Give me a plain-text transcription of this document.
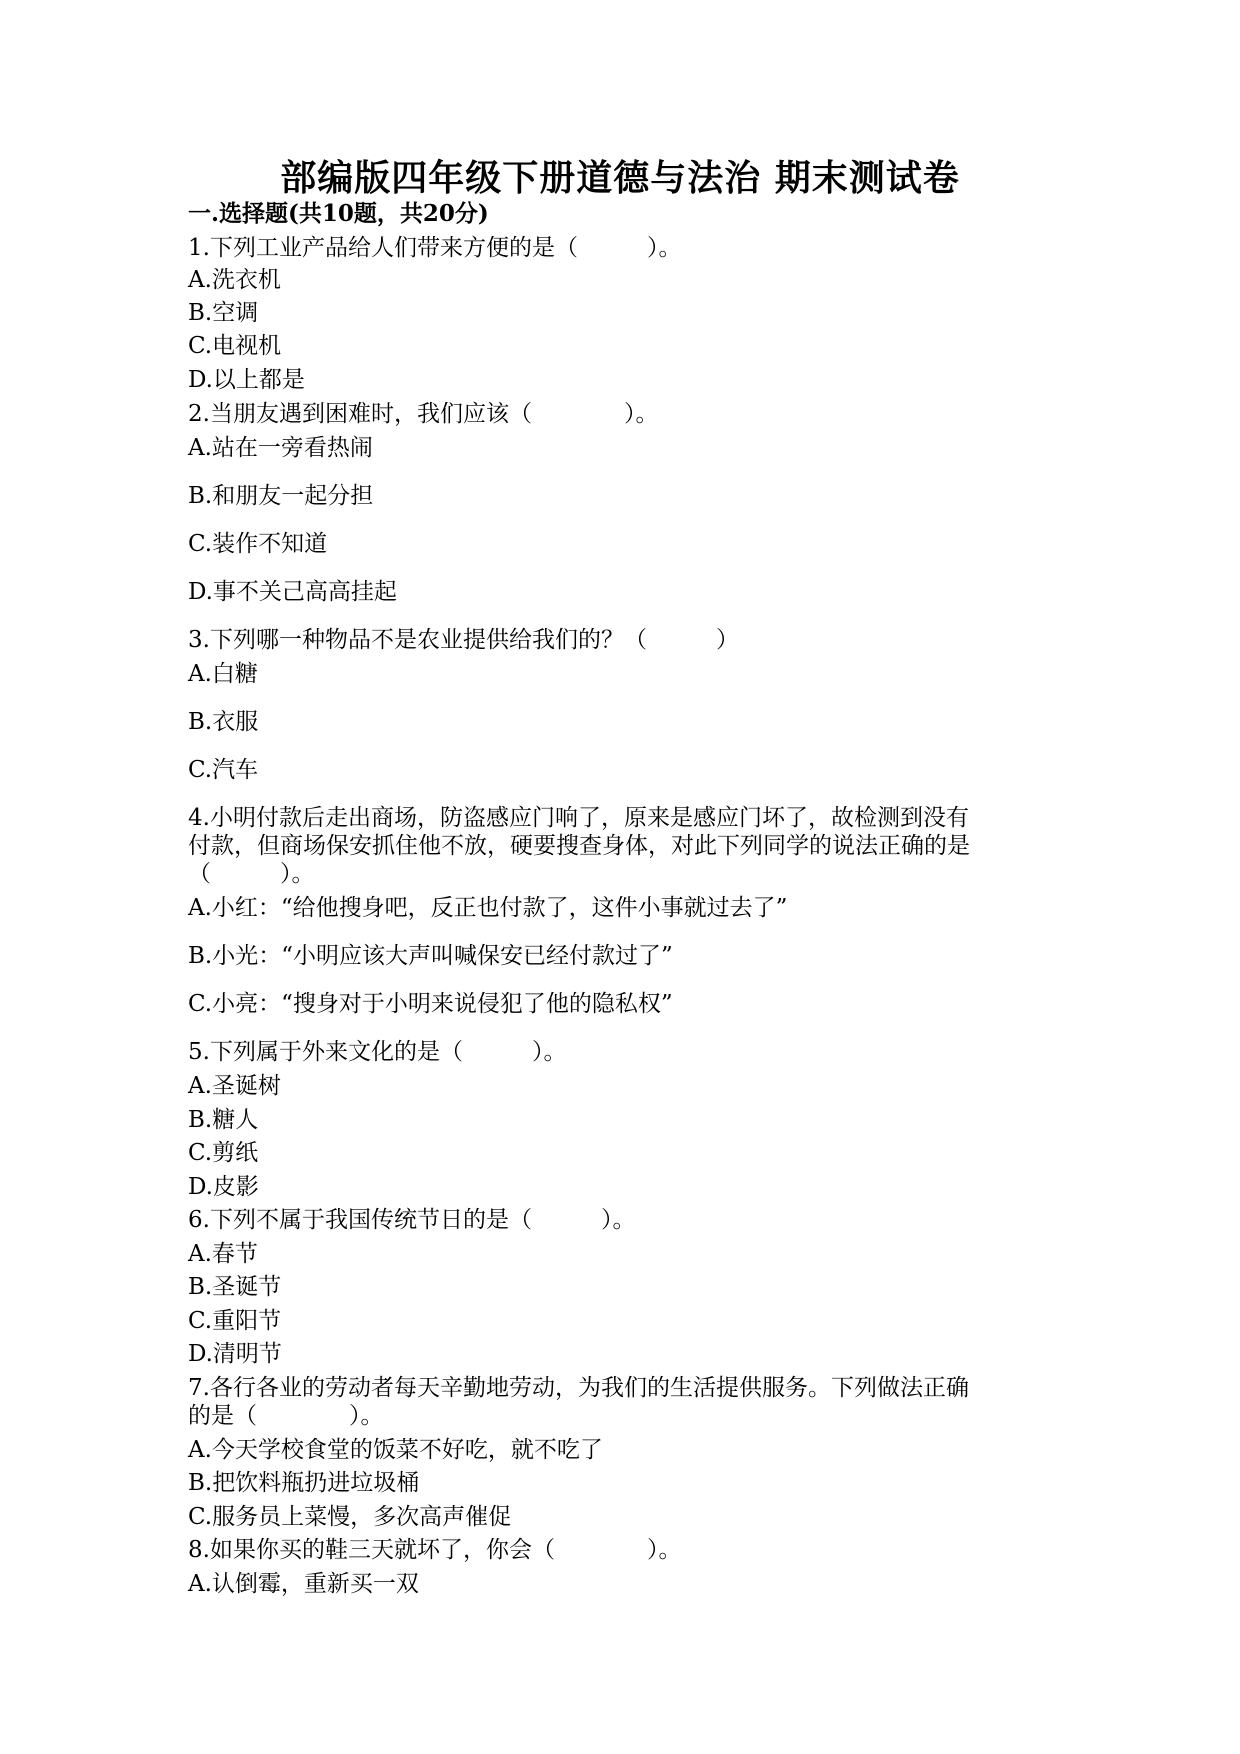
部编版四年级下册道德与法治 期末测试卷
一.选择题(共10题，共20分)
1.下列工业产品给人们带来方便的是（　　　）。
A.洗衣机
B.空调
C.电视机
D.以上都是
2.当朋友遇到困难时，我们应该（　　　　）。
A.站在一旁看热闹
B.和朋友一起分担
C.装作不知道
D.事不关己高高挂起
3.下列哪一种物品不是农业提供给我们的？（　　　）
A.白糖
B.衣服
C.汽车
4.小明付款后走出商场，防盗感应门响了，原来是感应门坏了，故检测到没有
付款，但商场保安抓住他不放，硬要搜查身体，对此下列同学的说法正确的是
（　　　）。
A.小红：“给他搜身吧，反正也付款了，这件小事就过去了”
B.小光：“小明应该大声叫喊保安已经付款过了”
C.小亮：“搜身对于小明来说侵犯了他的隐私权”
5.下列属于外来文化的是（　　　）。
A.圣诞树
B.糖人
C.剪纸
D.皮影
6.下列不属于我国传统节日的是（　　　）。
A.春节
B.圣诞节
C.重阳节
D.清明节
7.各行各业的劳动者每天辛勤地劳动，为我们的生活提供服务。下列做法正确
的是（　　　　）。
A.今天学校食堂的饭菜不好吃，就不吃了
B.把饮料瓶扔进垃圾桶
C.服务员上菜慢，多次高声催促
8.如果你买的鞋三天就坏了，你会（　　　　）。
A.认倒霉，重新买一双
